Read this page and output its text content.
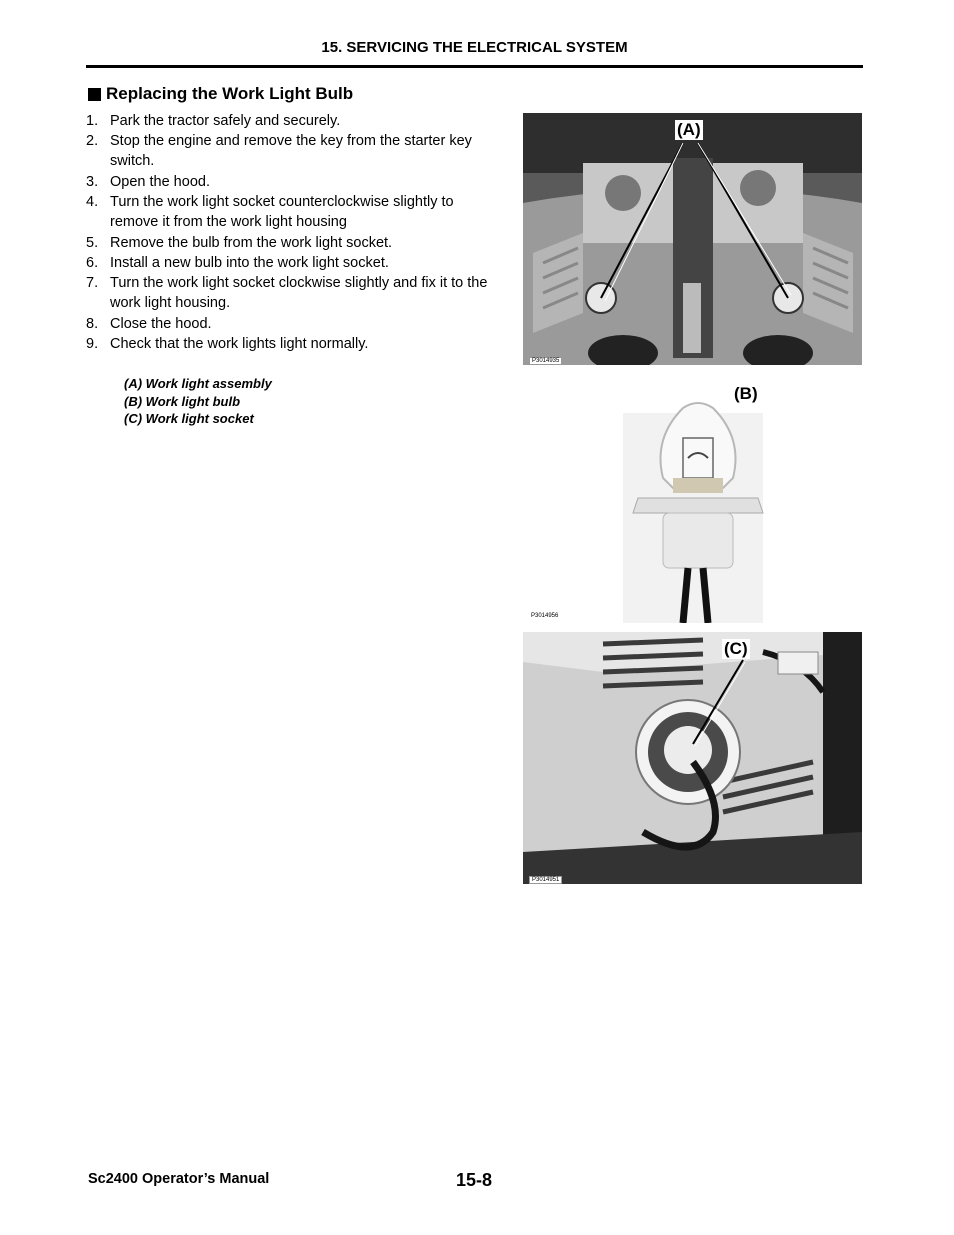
15. SERVICING THE ELECTRICAL SYSTEM
Replacing the Work Light Bulb
1. Park the tractor safely and securely.
2. Stop the engine and remove the key from the starter key switch.
3. Open the hood.
4. Turn the work light socket counterclockwise slightly to remove it from the work light housing
5. Remove the bulb from the work light socket.
6. Install a new bulb into the work light socket.
7. Turn the work light socket clockwise slightly and fix it to the work light housing.
8. Close the hood.
9. Check that the work lights light normally.
(A) Work light assembly
(B) Work light bulb
(C) Work light socket
(A)
P3014935
(B)
P3014956
(C)
P3014951
Sc2400 Operator’s Manual	15-8
